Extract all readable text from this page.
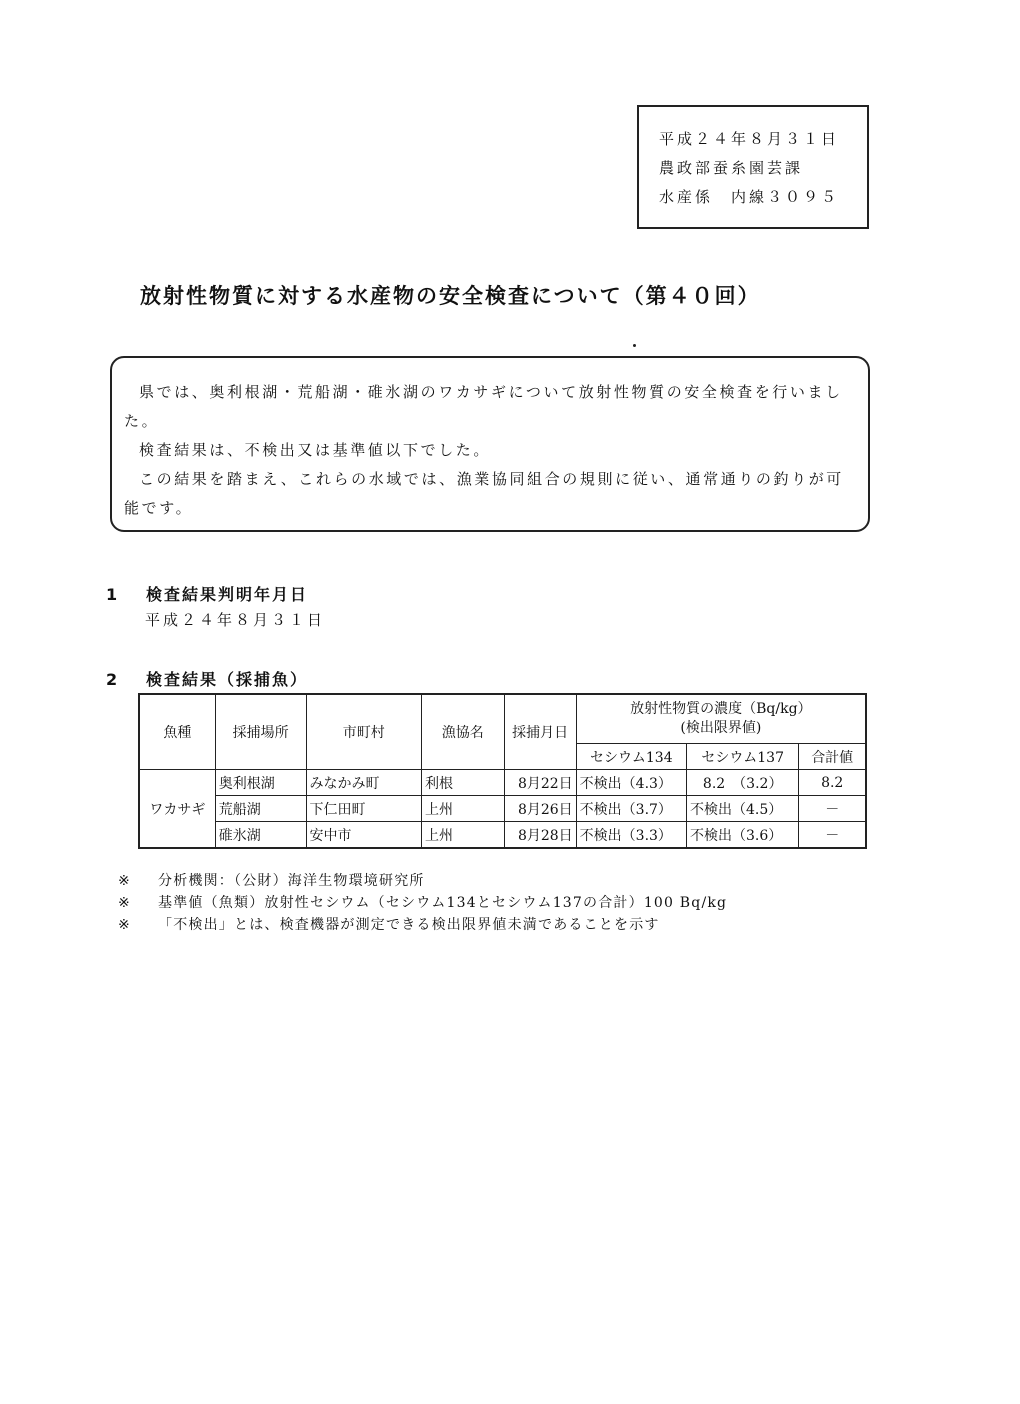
平成２４年８月３１日
農政部蚕糸園芸課
水産係　内線３０９５
放射性物質に対する水産物の安全検査について（第４０回）

県では、奥利根湖・荒船湖・碓氷湖のワカサギについて放射性物質の安全検査を行いました。

検査結果は、不検出又は基準値以下でした。

この結果を踏まえ、これらの水域では、漁業協同組合の規則に従い、通常通りの釣りが可能です。

1 検査結果判明年月日
平成２４年８月３１日
2 検査結果（採捕魚）
魚種	採捕場所	市町村	漁協名	採捕月日	放射性物質の濃度（Bq/kg）
(検出限界値)		

					セシウム134	セシウム137	合計値
ワカサギ	奥利根湖	みなかみ町	利根	8月22日	不検出（4.3）	8.2　（3.2）	8.2
	荒船湖	下仁田町	上州	8月26日	不検出（3.7）	不検出（4.5）	－
	碓氷湖	安中市	上州	8月28日	不検出（3.3）	不検出（3.6）	－
※ 分析機関：（公財）海洋生物環境研究所
※ 基準値（魚類）放射性セシウム（セシウム134とセシウム137の合計）100 Bq/kg
※ 「不検出」とは、検査機器が測定できる検出限界値未満であることを示す
